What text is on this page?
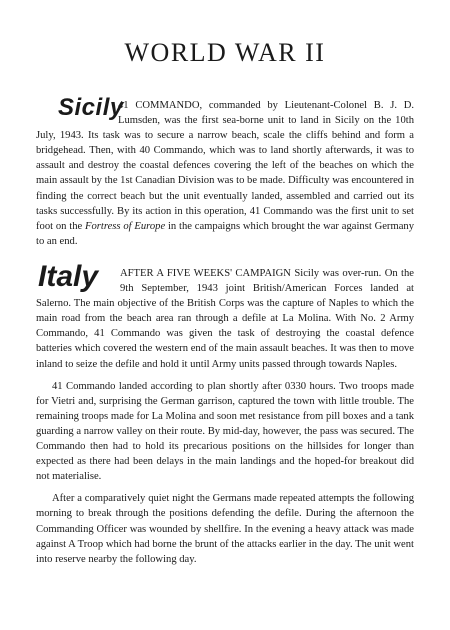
WORLD WAR II
Sicily

41 COMMANDO, commanded by Lieutenant-Colonel B. J. D. Lumsden, was the first sea-borne unit to land in Sicily on the 10th July, 1943. Its task was to secure a narrow beach, scale the cliffs behind and form a bridgehead. Then, with 40 Commando, which was to land shortly afterwards, it was to assault and destroy the coastal defences covering the left of the beaches on which the main assault by the 1st Canadian Division was to be made. Difficulty was encountered in finding the correct beach but the unit eventually landed, assembled and carried out its tasks successfully. By its action in this operation, 41 Commando was the first unit to set foot on the Fortress of Europe in the campaigns which brought the war against Germany to an end.

Italy	AFTER A FIVE WEEKS' CAMPAIGN Sicily was over-run. On the 9th September, 1943 joint British/American Forces landed at Salerno. The main objective of the British Corps was the capture of Naples to which the main road from the beach area ran through a defile at La Molina. With No. 2 Army Commando, 41 Commando was given the task of destroying the coastal defence batteries which covered the western end of the main assault beaches. It was then to move inland to seize the defile and hold it until Army units passed through towards Naples.

41 Commando landed according to plan shortly after 0330 hours. Two troops made for Vietri and, surprising the German garrison, captured the town with little trouble. The remaining troops made for La Molina and soon met resistance from pill boxes and a tank guarding a narrow valley on their route. By mid-day, however, the pass was secured. The Commando then had to hold its precarious positions on the hillsides for longer than expected as there had been delays in the main landings and the hoped-for breakout did not materialise.

After a comparatively quiet night the Germans made repeated attempts the following morning to break through the positions defending the defile. During the afternoon the Commanding Officer was wounded by shellfire. In the evening a heavy attack was made against A Troop which had borne the brunt of the attacks earlier in the day. The unit went into reserve nearby the following day.
